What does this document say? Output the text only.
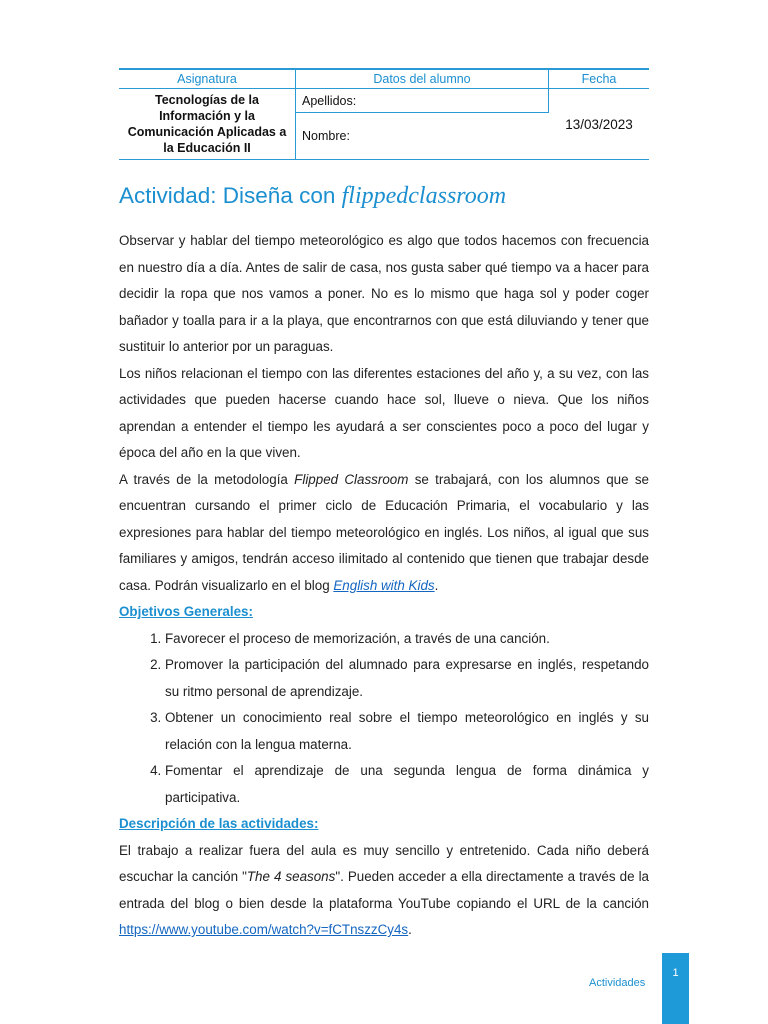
Asignatura	Datos del alumno	Fecha
Tecnologías de la Información y la Comunicación Aplicadas a la Educación II	Apellidos:	13/03/2023
	Nombre:	
Actividad: Diseña con flippedclassroom

Observar y hablar del tiempo meteorológico es algo que todos hacemos con frecuencia en nuestro día a día. Antes de salir de casa, nos gusta saber qué tiempo va a hacer para decidir la ropa que nos vamos a poner. No es lo mismo que haga sol y poder coger bañador y toalla para ir a la playa, que encontrarnos con que está diluviando y tener que sustituir lo anterior por un paraguas.

Los niños relacionan el tiempo con las diferentes estaciones del año y, a su vez, con las actividades que pueden hacerse cuando hace sol, llueve o nieva. Que los niños aprendan a entender el tiempo les ayudará a ser conscientes poco a poco del lugar y época del año en la que viven.

A través de la metodología Flipped Classroom se trabajará, con los alumnos que se encuentran cursando el primer ciclo de Educación Primaria, el vocabulario y las expresiones para hablar del tiempo meteorológico en inglés. Los niños, al igual que sus familiares y amigos, tendrán acceso ilimitado al contenido que tienen que trabajar desde casa. Podrán visualizarlo en el blog English with Kids.

Objetivos Generales:
1. Favorecer el proceso de memorización, a través de una canción.
2. Promover la participación del alumnado para expresarse en inglés, respetando su ritmo personal de aprendizaje.
3. Obtener un conocimiento real sobre el tiempo meteorológico en inglés y su relación con la lengua materna.
4. Fomentar el aprendizaje de una segunda lengua de forma dinámica y participativa.
Descripción de las actividades:

El trabajo a realizar fuera del aula es muy sencillo y entretenido. Cada niño deberá escuchar la canción "The 4 seasons". Pueden acceder a ella directamente a través de la entrada del blog o bien desde la plataforma YouTube copiando el URL de la canción https://www.youtube.com/watch?v=fCTnszzCy4s.

Actividades
1
